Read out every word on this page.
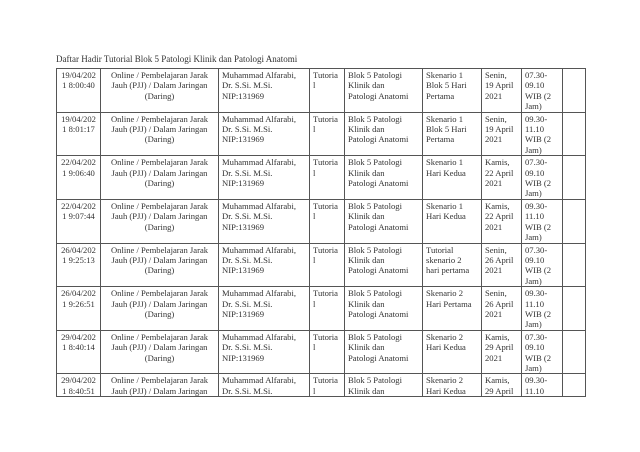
Daftar Hadir Tutorial Blok 5 Patologi Klinik dan Patologi Anatomi
19/04/202
1 8:00:40	Online / Pembelajaran Jarak
Jauh (PJJ) / Dalam Jaringan
(Daring)	Muhammad Alfarabi,
Dr. S.Si. M.Si.
NIP:131969	Tutoria
l	Blok 5 Patologi
Klinik dan
Patologi Anatomi	Skenario 1
Blok 5 Hari
Pertama	Senin,
19 April
2021	07.30-
09.10
WIB (2
Jam)	

19/04/202
1 8:01:17	Online / Pembelajaran Jarak
Jauh (PJJ) / Dalam Jaringan
(Daring)	Muhammad Alfarabi,
Dr. S.Si. M.Si.
NIP:131969	Tutoria
l	Blok 5 Patologi
Klinik dan
Patologi Anatomi	Skenario 1
Blok 5 Hari
Pertama	Senin,
19 April
2021	09.30-
11.10
WIB (2
Jam)	

22/04/202
1 9:06:40	Online / Pembelajaran Jarak
Jauh (PJJ) / Dalam Jaringan
(Daring)	Muhammad Alfarabi,
Dr. S.Si. M.Si.
NIP:131969	Tutoria
l	Blok 5 Patologi
Klinik dan
Patologi Anatomi	Skenario 1
Hari Kedua	Kamis,
22 April
2021	07.30-
09.10
WIB (2
Jam)	

22/04/202
1 9:07:44	Online / Pembelajaran Jarak
Jauh (PJJ) / Dalam Jaringan
(Daring)	Muhammad Alfarabi,
Dr. S.Si. M.Si.
NIP:131969	Tutoria
l	Blok 5 Patologi
Klinik dan
Patologi Anatomi	Skenario 1
Hari Kedua	Kamis,
22 April
2021	09.30-
11.10
WIB (2
Jam)	

26/04/202
1 9:25:13	Online / Pembelajaran Jarak
Jauh (PJJ) / Dalam Jaringan
(Daring)	Muhammad Alfarabi,
Dr. S.Si. M.Si.
NIP:131969	Tutoria
l	Blok 5 Patologi
Klinik dan
Patologi Anatomi	Tutorial
skenario 2
hari pertama	Senin,
26 April
2021	07.30-
09.10
WIB (2
Jam)	

26/04/202
1 9:26:51	Online / Pembelajaran Jarak
Jauh (PJJ) / Dalam Jaringan
(Daring)	Muhammad Alfarabi,
Dr. S.Si. M.Si.
NIP:131969	Tutoria
l	Blok 5 Patologi
Klinik dan
Patologi Anatomi	Skenario 2
Hari Pertama	Senin,
26 April
2021	09.30-
11.10
WIB (2
Jam)	

29/04/202
1 8:40:14	Online / Pembelajaran Jarak
Jauh (PJJ) / Dalam Jaringan
(Daring)	Muhammad Alfarabi,
Dr. S.Si. M.Si.
NIP:131969	Tutoria
l	Blok 5 Patologi
Klinik dan
Patologi Anatomi	Skenario 2
Hari Kedua	Kamis,
29 April
2021	07.30-
09.10
WIB (2
Jam)	

29/04/202
1 8:40:51	Online / Pembelajaran Jarak
Jauh (PJJ) / Dalam Jaringan	Muhammad Alfarabi,
Dr. S.Si. M.Si.	Tutoria
l	Blok 5 Patologi
Klinik dan	Skenario 2
Hari Kedua	Kamis,
29 April	09.30-
11.10	
